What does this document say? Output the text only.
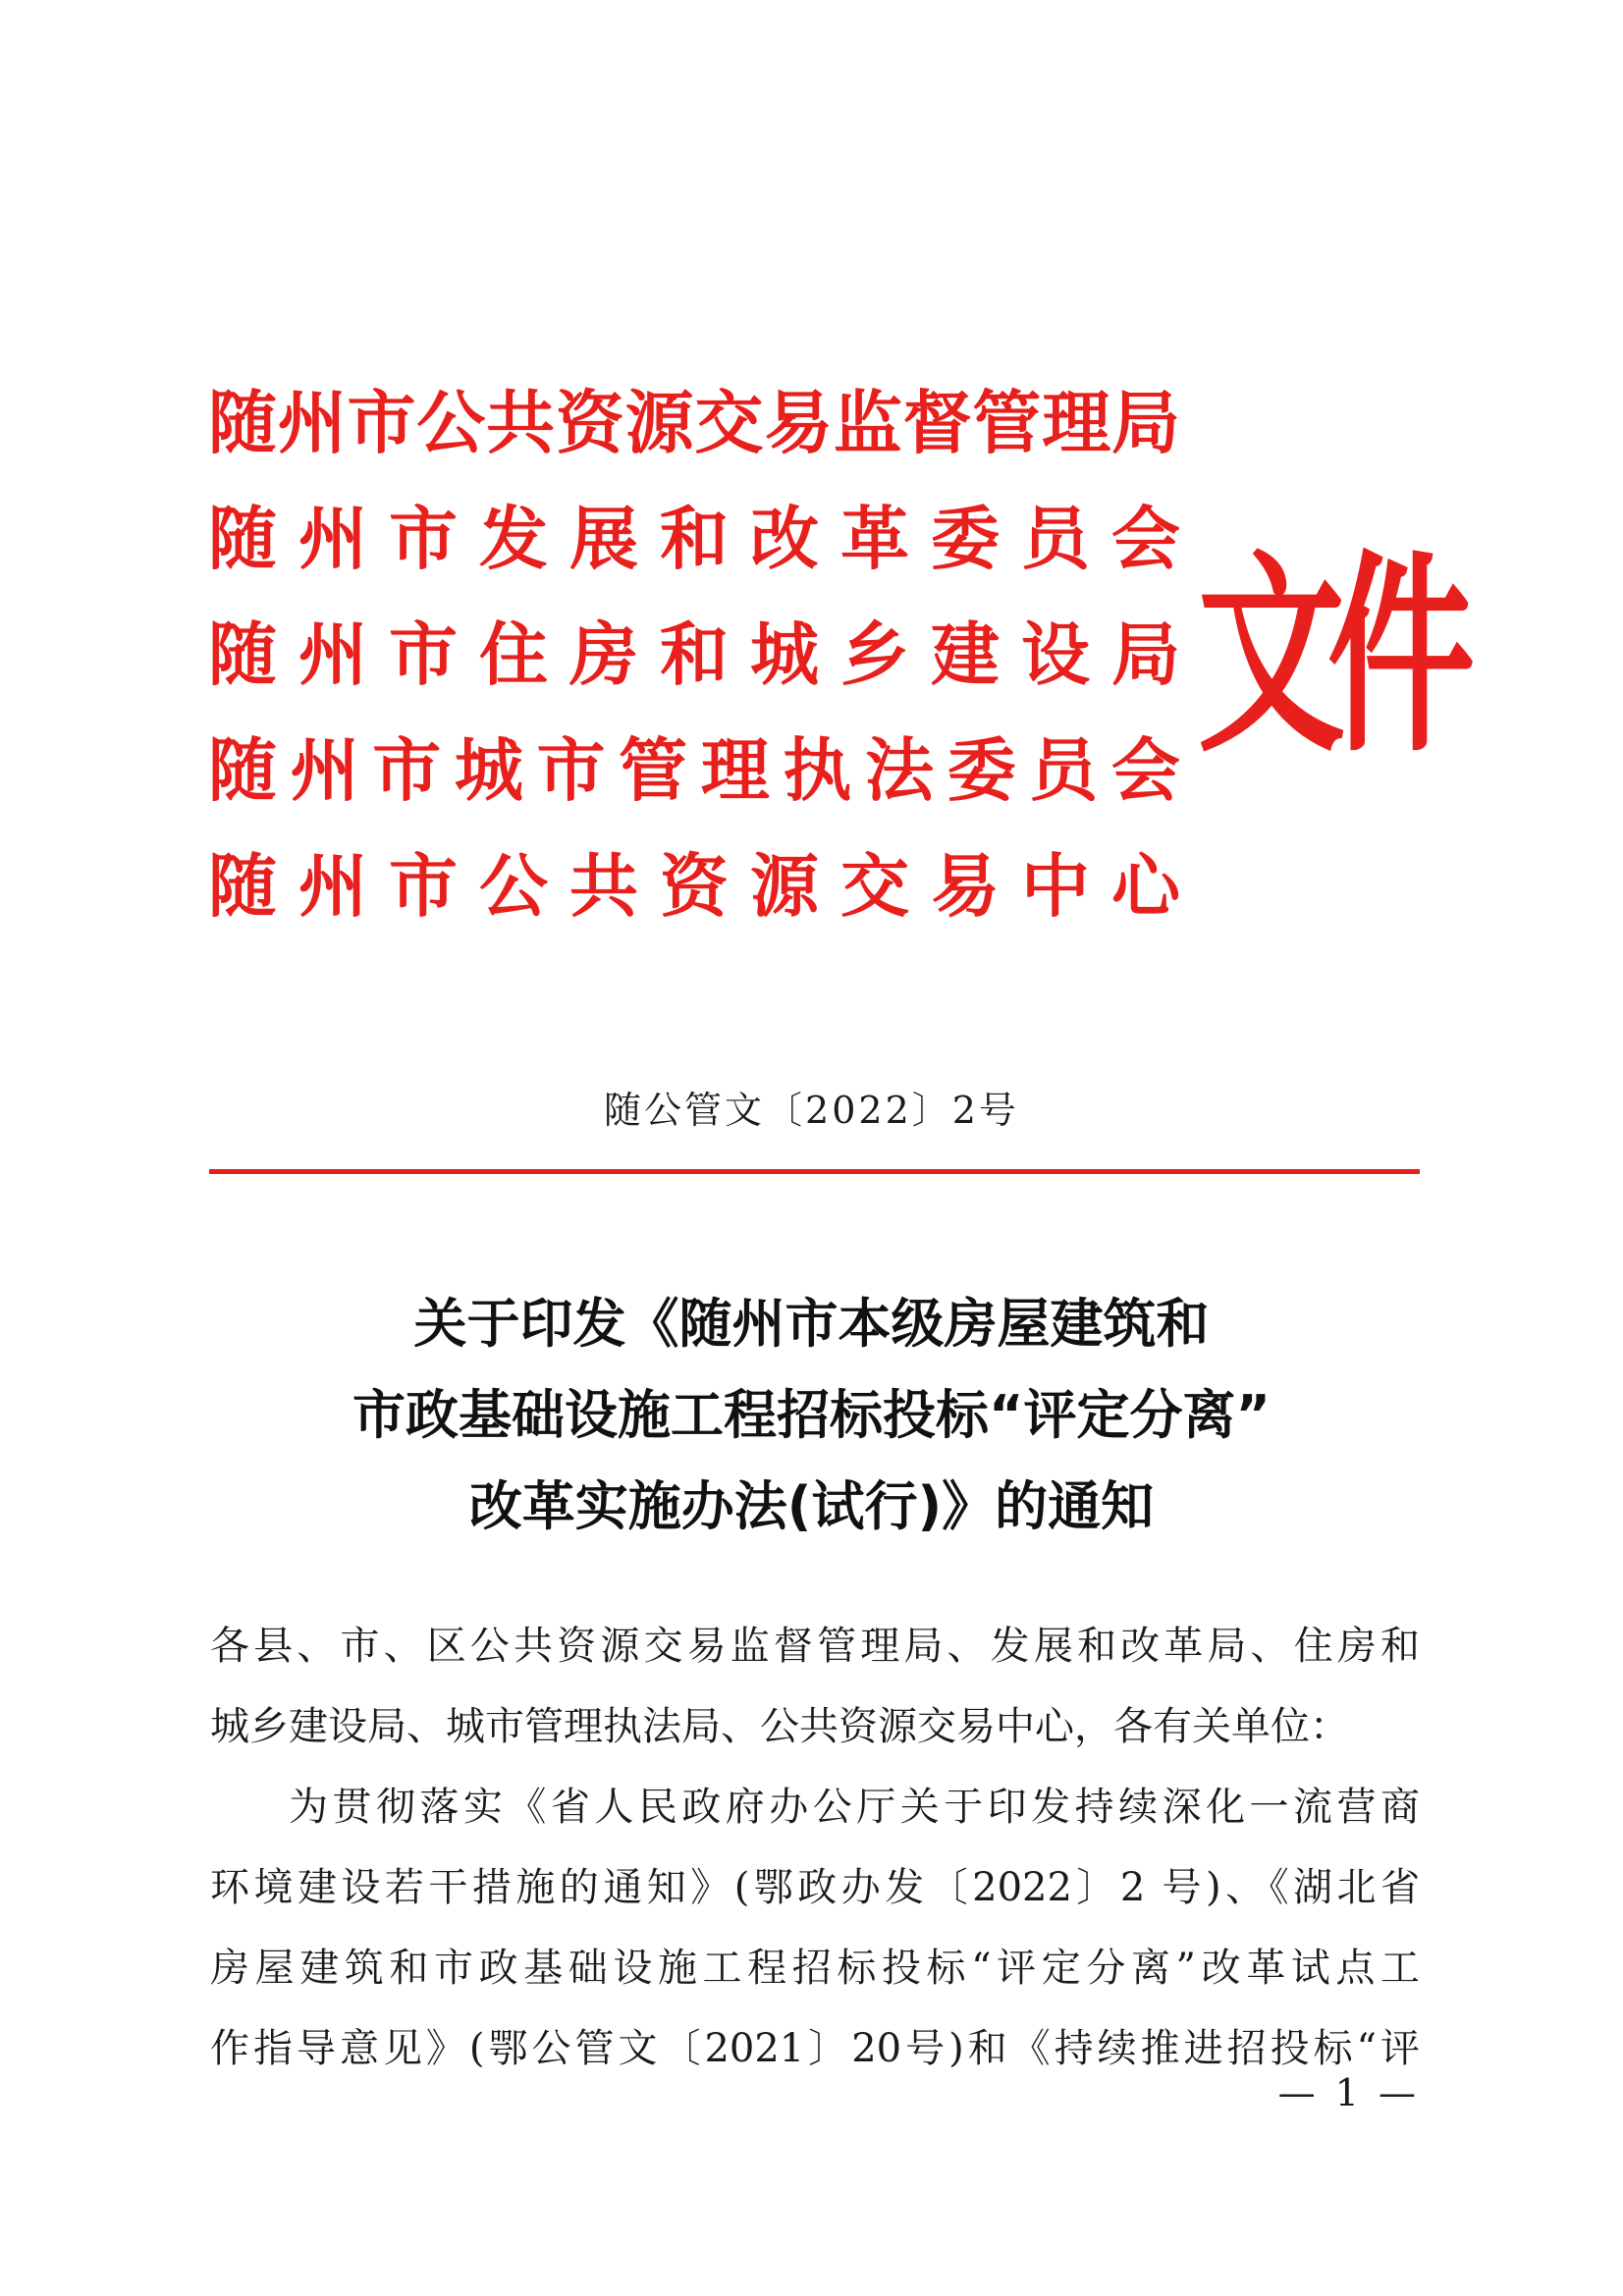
随 州 市 公 共 资 源 交 易 监 督 管 理 局
随 州 市 发 展 和 改 革 委 员 会
随 州 市 住 房 和 城 乡 建 设 局
随 州 市 城 市 管 理 执 法 委 员 会
随 州 市 公 共 资 源 交 易 中 心
文件
随公管文〔2022〕2号
关于印发《随州市本级房屋建筑和
市政基础设施工程招标投标“评定分离”
改革实施办法(试行)》的通知
各县、市、区公共资源交易监督管理局、发展和改革局、住房和
城乡建设局、城市管理执法局、公共资源交易中心，各有关单位：
为贯彻落实《省人民政府办公厅关于印发持续深化一流营商
环境建设若干措施的通知》(鄂政办发〔2022〕2 号)、《湖北省
房屋建筑和市政基础设施工程招标投标“评定分离”改革试点工
作指导意见》(鄂公管文〔2021〕20号)和《持续推进招投标“评
— 1 —
